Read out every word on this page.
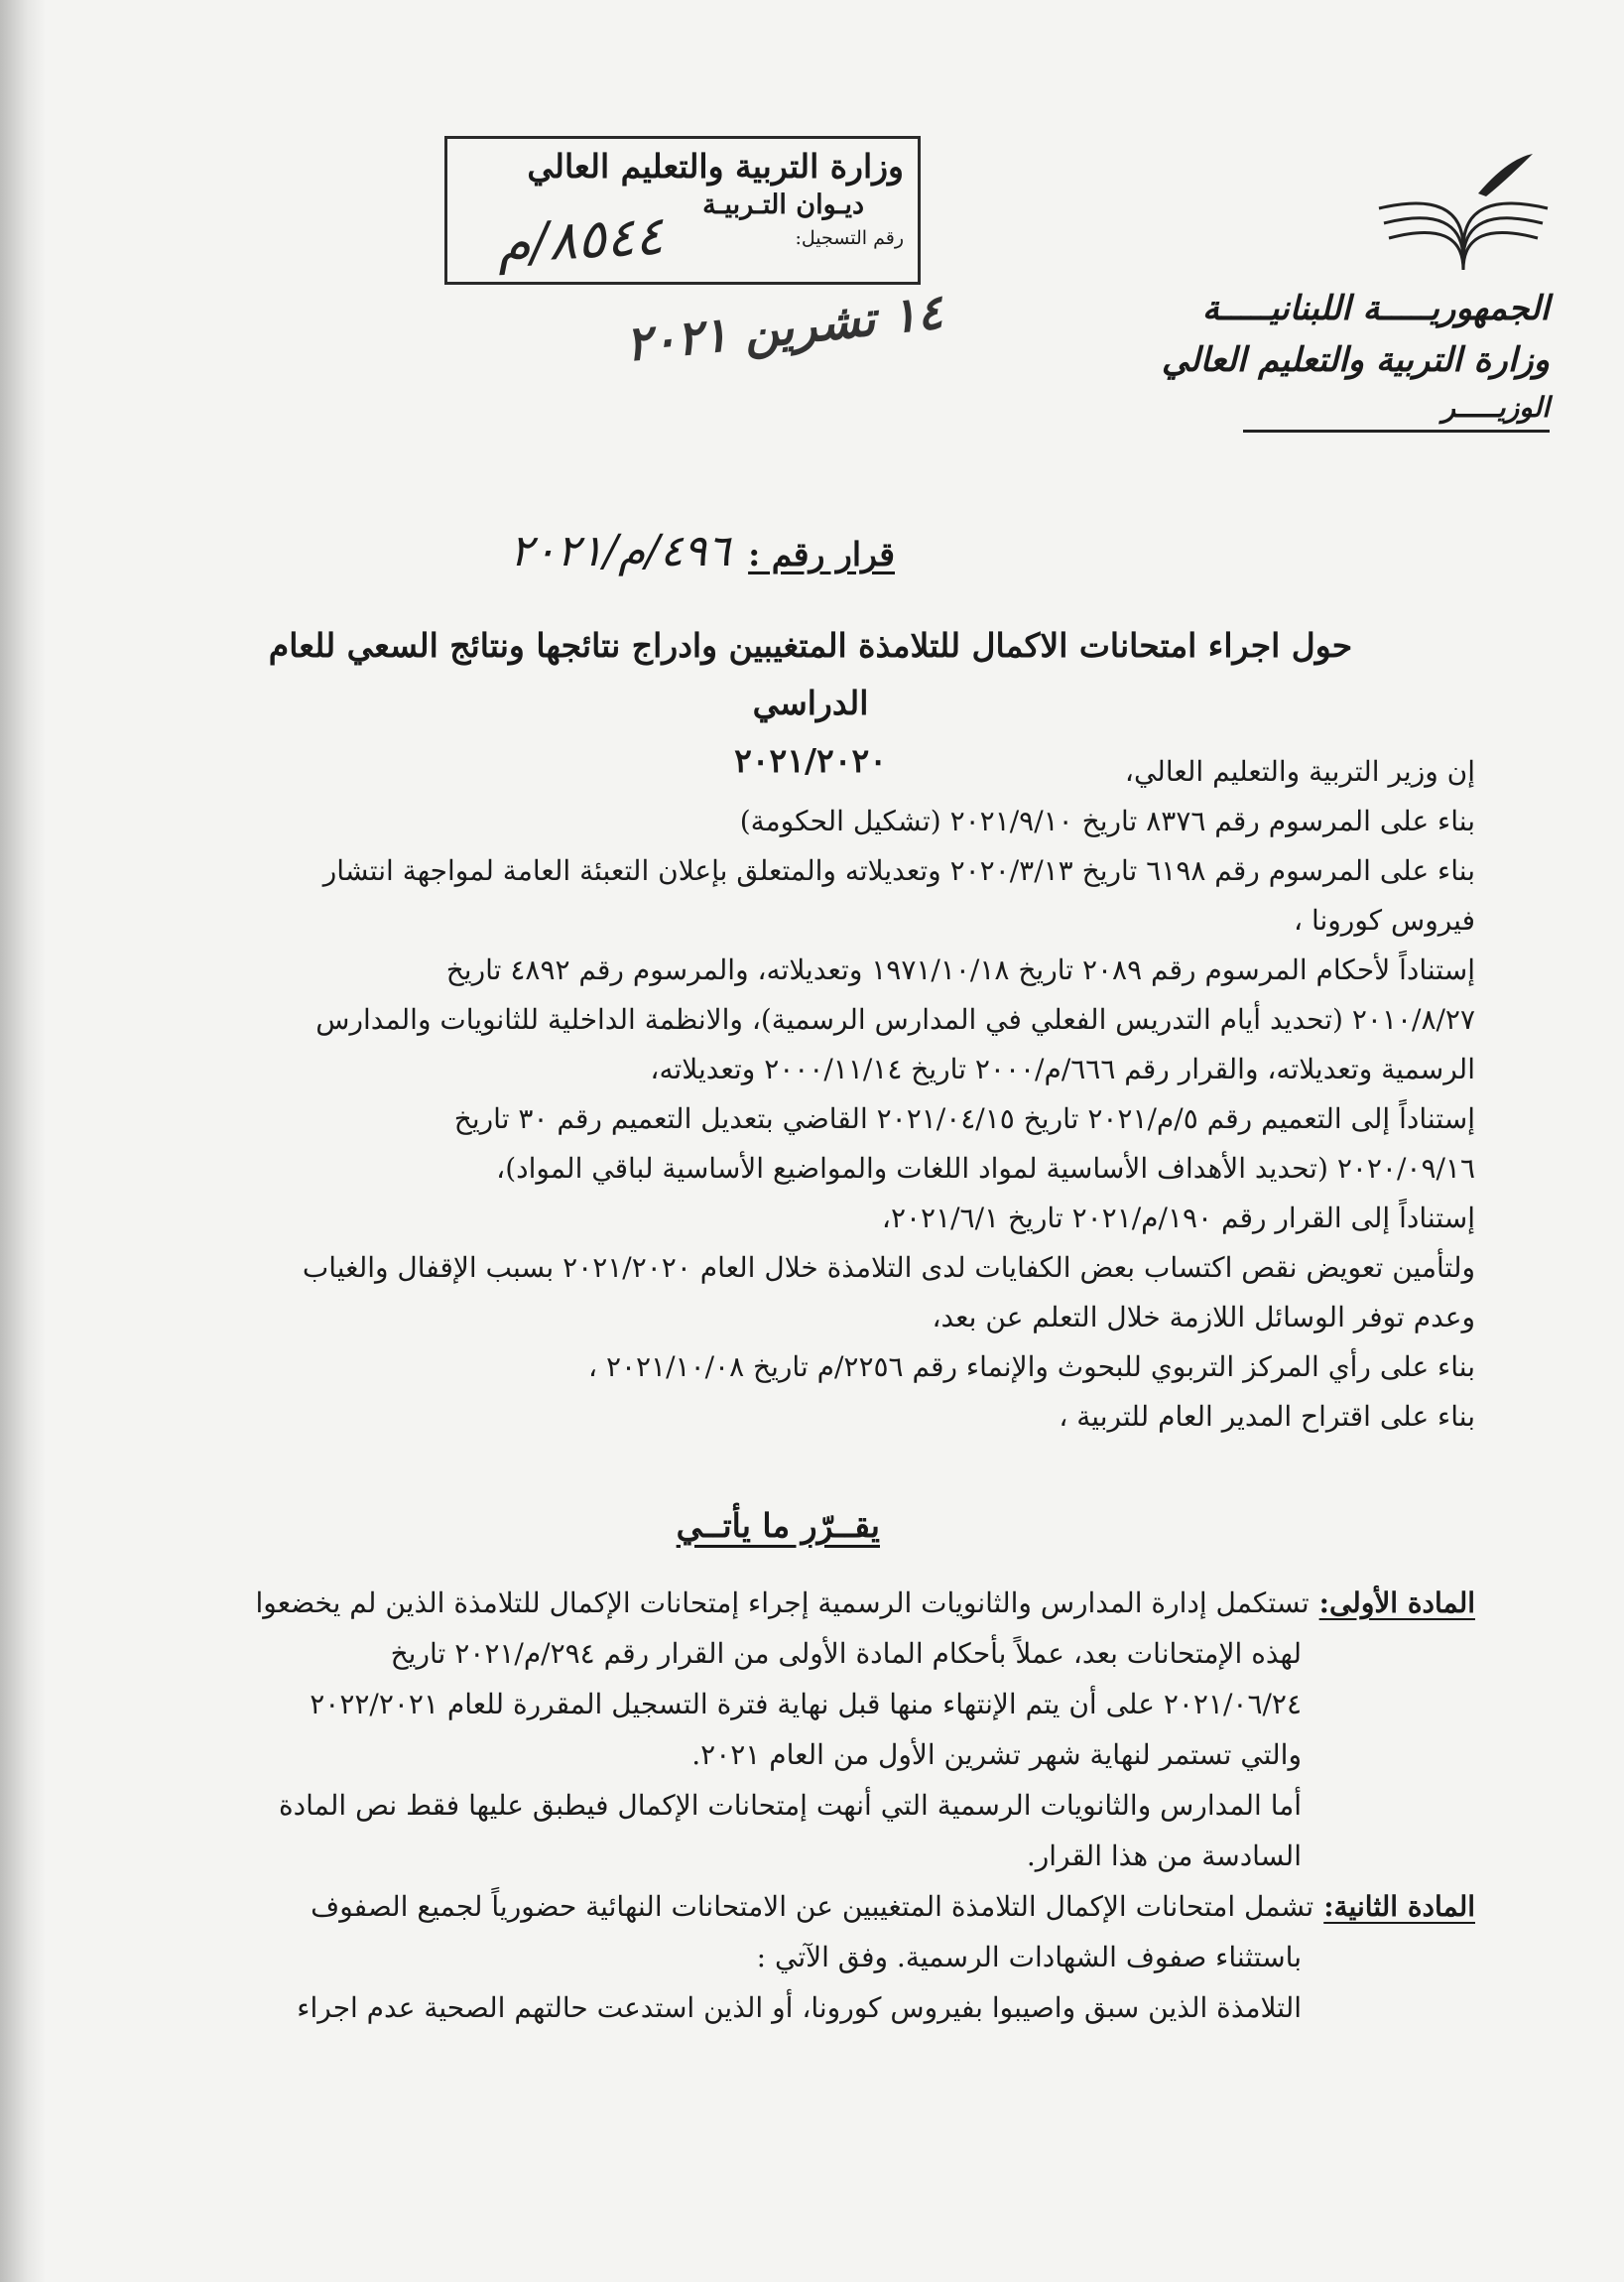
الجمهوريـــــة اللبنانيـــــة
وزارة التربية والتعليم العالي
الوزيـــــر
وزارة التربية والتعليم العالي
ديـوان التـربيـة
رقم التسجيل:
٨٥٤٤/م
١٤ تشرين ٢٠٢١
قرار رقم :
٤٩٦/م/٢٠٢١
حول اجراء امتحانات الاكمال للتلامذة المتغيبين وادراج نتائجها ونتائج السعي للعام الدراسي
٢٠٢١/٢٠٢٠	إن وزير التربية والتعليم العالي،
بناء على المرسوم رقم ٨٣٧٦ تاريخ ٢٠٢١/٩/١٠ (تشكيل الحكومة)
بناء على المرسوم رقم ٦١٩٨ تاريخ ٢٠٢٠/٣/١٣ وتعديلاته والمتعلق بإعلان التعبئة العامة لمواجهة انتشار
فيروس كورونا ،
إستناداً لأحكام المرسوم رقم ٢٠٨٩ تاريخ ١٩٧١/١٠/١٨ وتعديلاته، والمرسوم رقم ٤٨٩٢ تاريخ
٢٠١٠/٨/٢٧ (تحديد أيام التدريس الفعلي في المدارس الرسمية)، والانظمة الداخلية للثانويات والمدارس
الرسمية وتعديلاته، والقرار رقم ٦٦٦/م/٢٠٠٠ تاريخ ٢٠٠٠/١١/١٤ وتعديلاته،
إستناداً إلى التعميم رقم ٥/م/٢٠٢١ تاريخ ٢٠٢١/٠٤/١٥ القاضي بتعديل التعميم رقم ٣٠ تاريخ
٢٠٢٠/٠٩/١٦ (تحديد الأهداف الأساسية لمواد اللغات والمواضيع الأساسية لباقي المواد)،
إستناداً إلى القرار رقم ١٩٠/م/٢٠٢١ تاريخ ٢٠٢١/٦/١،
ولتأمين تعويض نقص اكتساب بعض الكفايات لدى التلامذة خلال العام ٢٠٢١/٢٠٢٠ بسبب الإقفال والغياب
وعدم توفر الوسائل اللازمة خلال التعلم عن بعد،
بناء على رأي المركز التربوي للبحوث والإنماء رقم ٢٢٥٦/م تاريخ ٢٠٢١/١٠/٠٨ ،
بناء على اقتراح المدير العام للتربية ،
يقــرّر ما يأتــي
المادة الأولى:تستكمل إدارة المدارس والثانويات الرسمية إجراء إمتحانات الإكمال للتلامذة الذين لم يخضعوا
لهذه الإمتحانات بعد، عملاً بأحكام المادة الأولى من القرار رقم ٢٩٤/م/٢٠٢١ تاريخ
٢٠٢١/٠٦/٢٤ على أن يتم الإنتهاء منها قبل نهاية فترة التسجيل المقررة للعام ٢٠٢٢/٢٠٢١
والتي تستمر لنهاية شهر تشرين الأول من العام ٢٠٢١.
أما المدارس والثانويات الرسمية التي أنهت إمتحانات الإكمال فيطبق عليها فقط نص المادة
السادسة من هذا القرار.
المادة الثانية:تشمل امتحانات الإكمال التلامذة المتغيبين عن الامتحانات النهائية حضورياً لجميع الصفوف
باستثناء صفوف الشهادات الرسمية. وفق الآتي :
التلامذة الذين سبق واصيبوا بفيروس كورونا، أو الذين استدعت حالتهم الصحية عدم اجراء
